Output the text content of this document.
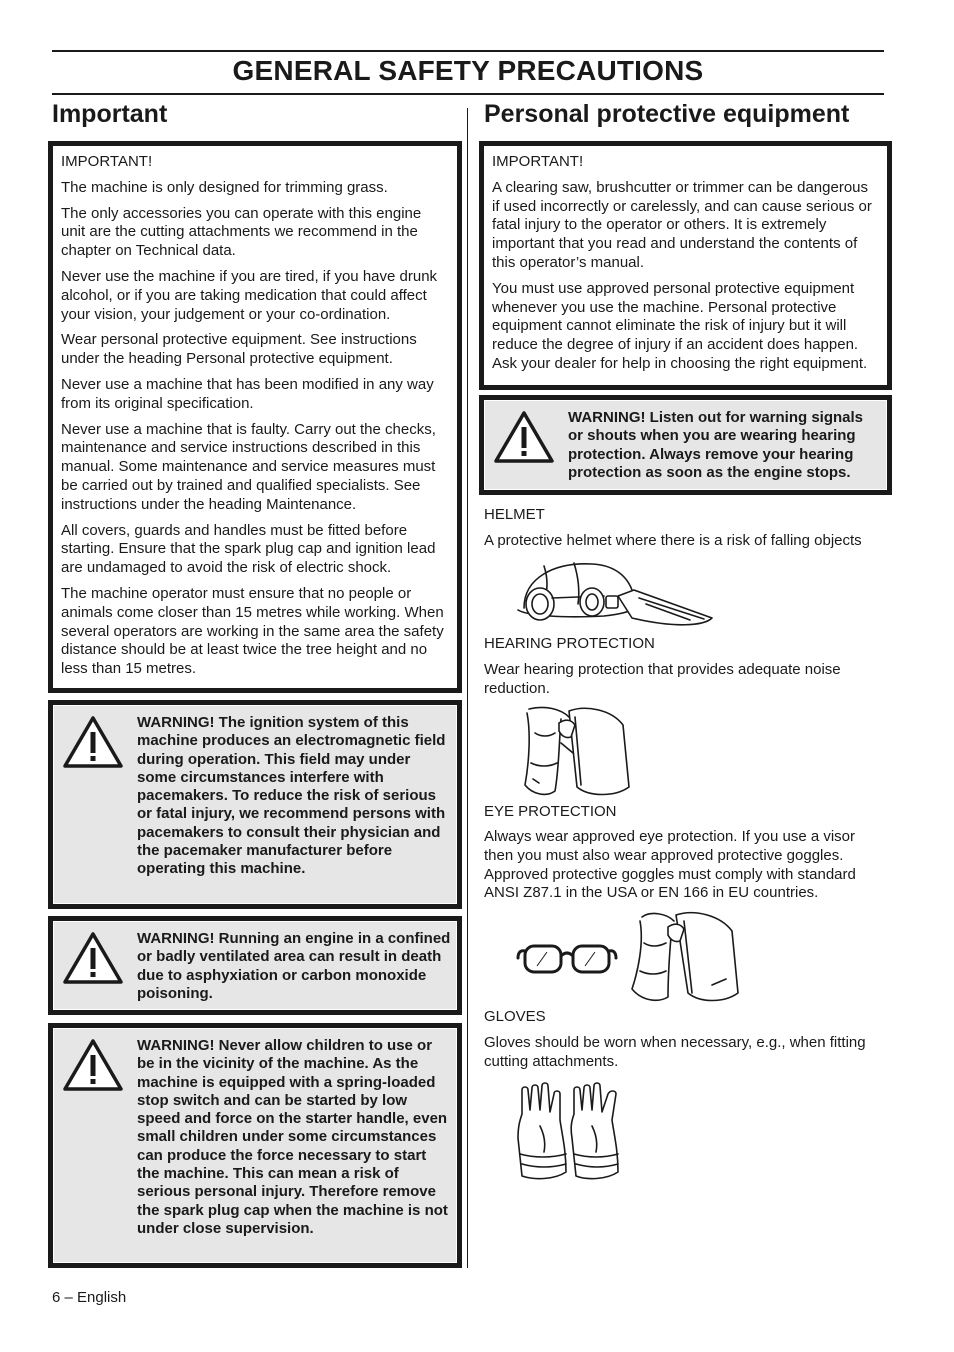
GENERAL SAFETY PRECAUTIONS
Important

IMPORTANT!

The machine is only designed for trimming grass.

The only accessories you can operate with this engine unit are the cutting attachments we recommend in the chapter on Technical data.

Never use the machine if you are tired, if you have drunk alcohol, or if you are taking medication that could affect your vision, your judgement or your co-ordination.

Wear personal protective equipment. See instructions under the heading Personal protective equipment.

Never use a machine that has been modified in any way from its original specification.

Never use a machine that is faulty. Carry out the checks, maintenance and service instructions described in this manual. Some maintenance and service measures must be carried out by trained and qualified specialists. See instructions under the heading Maintenance.

All covers, guards and handles must be fitted before starting. Ensure that the spark plug cap and ignition lead are undamaged to avoid the risk of electric shock.

The machine operator must ensure that no people or animals come closer than 15 metres while working. When several operators are working in the same area the safety distance should be at least twice the tree height and no less than 15 metres.

WARNING! The ignition system of this machine produces an electromagnetic field during operation. This field may under some circumstances interfere with pacemakers. To reduce the risk of serious or fatal injury, we recommend persons with pacemakers to consult their physician and the pacemaker manufacturer before operating this machine.
WARNING! Running an engine in a confined or badly ventilated area can result in death due to asphyxiation or carbon monoxide poisoning.
WARNING! Never allow children to use or be in the vicinity of the machine. As the machine is equipped with a spring-loaded stop switch and can be started by low speed and force on the starter handle, even small children under some circumstances can produce the force necessary to start the machine. This can mean a risk of serious personal injury. Therefore remove the spark plug cap when the machine is not under close supervision.
Personal protective equipment

IMPORTANT!

A clearing saw, brushcutter or trimmer can be dangerous if used incorrectly or carelessly, and can cause serious or fatal injury to the operator or others. It is extremely important that you read and understand the contents of this operator’s manual.

You must use approved personal protective equipment whenever you use the machine. Personal protective equipment cannot eliminate the risk of injury but it will reduce the degree of injury if an accident does happen. Ask your dealer for help in choosing the right equipment.

WARNING! Listen out for warning signals or shouts when you are wearing hearing protection. Always remove your hearing protection as soon as the engine stops.
HELMET
A protective helmet where there is a risk of falling objects
HEARING PROTECTION
Wear hearing protection that provides adequate noise reduction.
EYE PROTECTION
Always wear approved eye protection. If you use a visor then you must also wear approved protective goggles. Approved protective goggles must comply with standard ANSI Z87.1 in the USA or EN 166 in EU countries.
GLOVES
Gloves should be worn when necessary, e.g., when fitting cutting attachments.
6 – English
